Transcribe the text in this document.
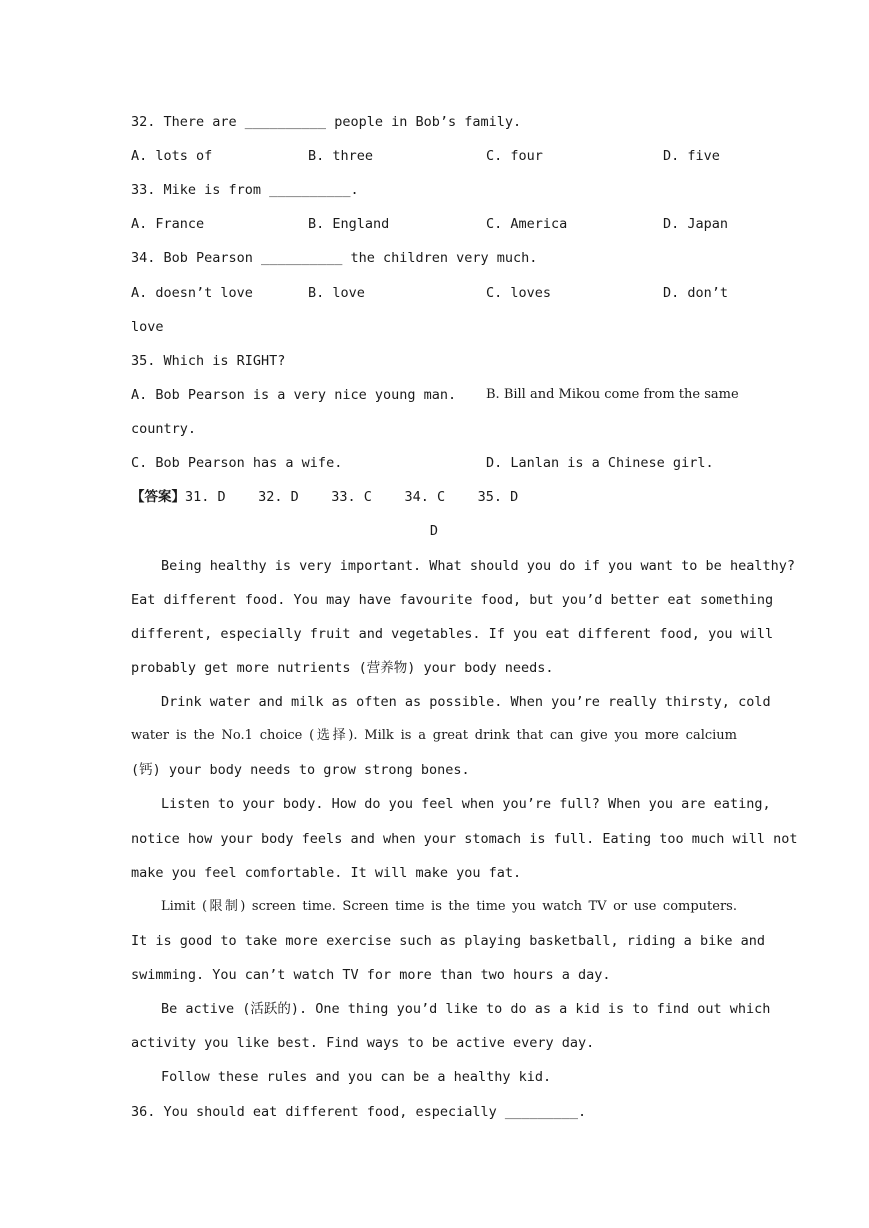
32. There are __________ people in Bob’s family.
A. lots of	B. three	C. four	D. five
33. Mike is from __________.
A. France	B. England	C. America	D. Japan
34. Bob Pearson __________ the children very much.
A. doesn’t love	B. love	C. loves	D. don’t
love
35. Which is RIGHT?
A. Bob Pearson is a very nice young man. B. Bill and Mikou come from the same
country.
C. Bob Pearson has a wife.	D. Lanlan is a Chinese girl.
【答案】31. D    32. D    33. C    34. C    35. D
D
Being healthy is very important. What should you do if you want to be healthy?
Eat different food. You may have favourite food, but you’d better eat something
different, especially fruit and vegetables. If you eat different food, you will
probably get more nutrients (营养物) your body needs.
Drink water and milk as often as possible. When you’re really thirsty, cold
water is the No.1 choice (选择). Milk is a great drink that can give you more calcium
(钙) your body needs to grow strong bones.
Listen to your body. How do you feel when you’re full? When you are eating,
notice how your body feels and when your stomach is full. Eating too much will not
make you feel comfortable. It will make you fat.
Limit (限制) screen time. Screen time is the time you watch TV or use computers.
It is good to take more exercise such as playing basketball, riding a bike and
swimming. You can’t watch TV for more than two hours a day.
Be active (活跃的). One thing you’d like to do as a kid is to find out which
activity you like best. Find ways to be active every day.
Follow these rules and you can be a healthy kid.
36. You should eat different food, especially _________.
